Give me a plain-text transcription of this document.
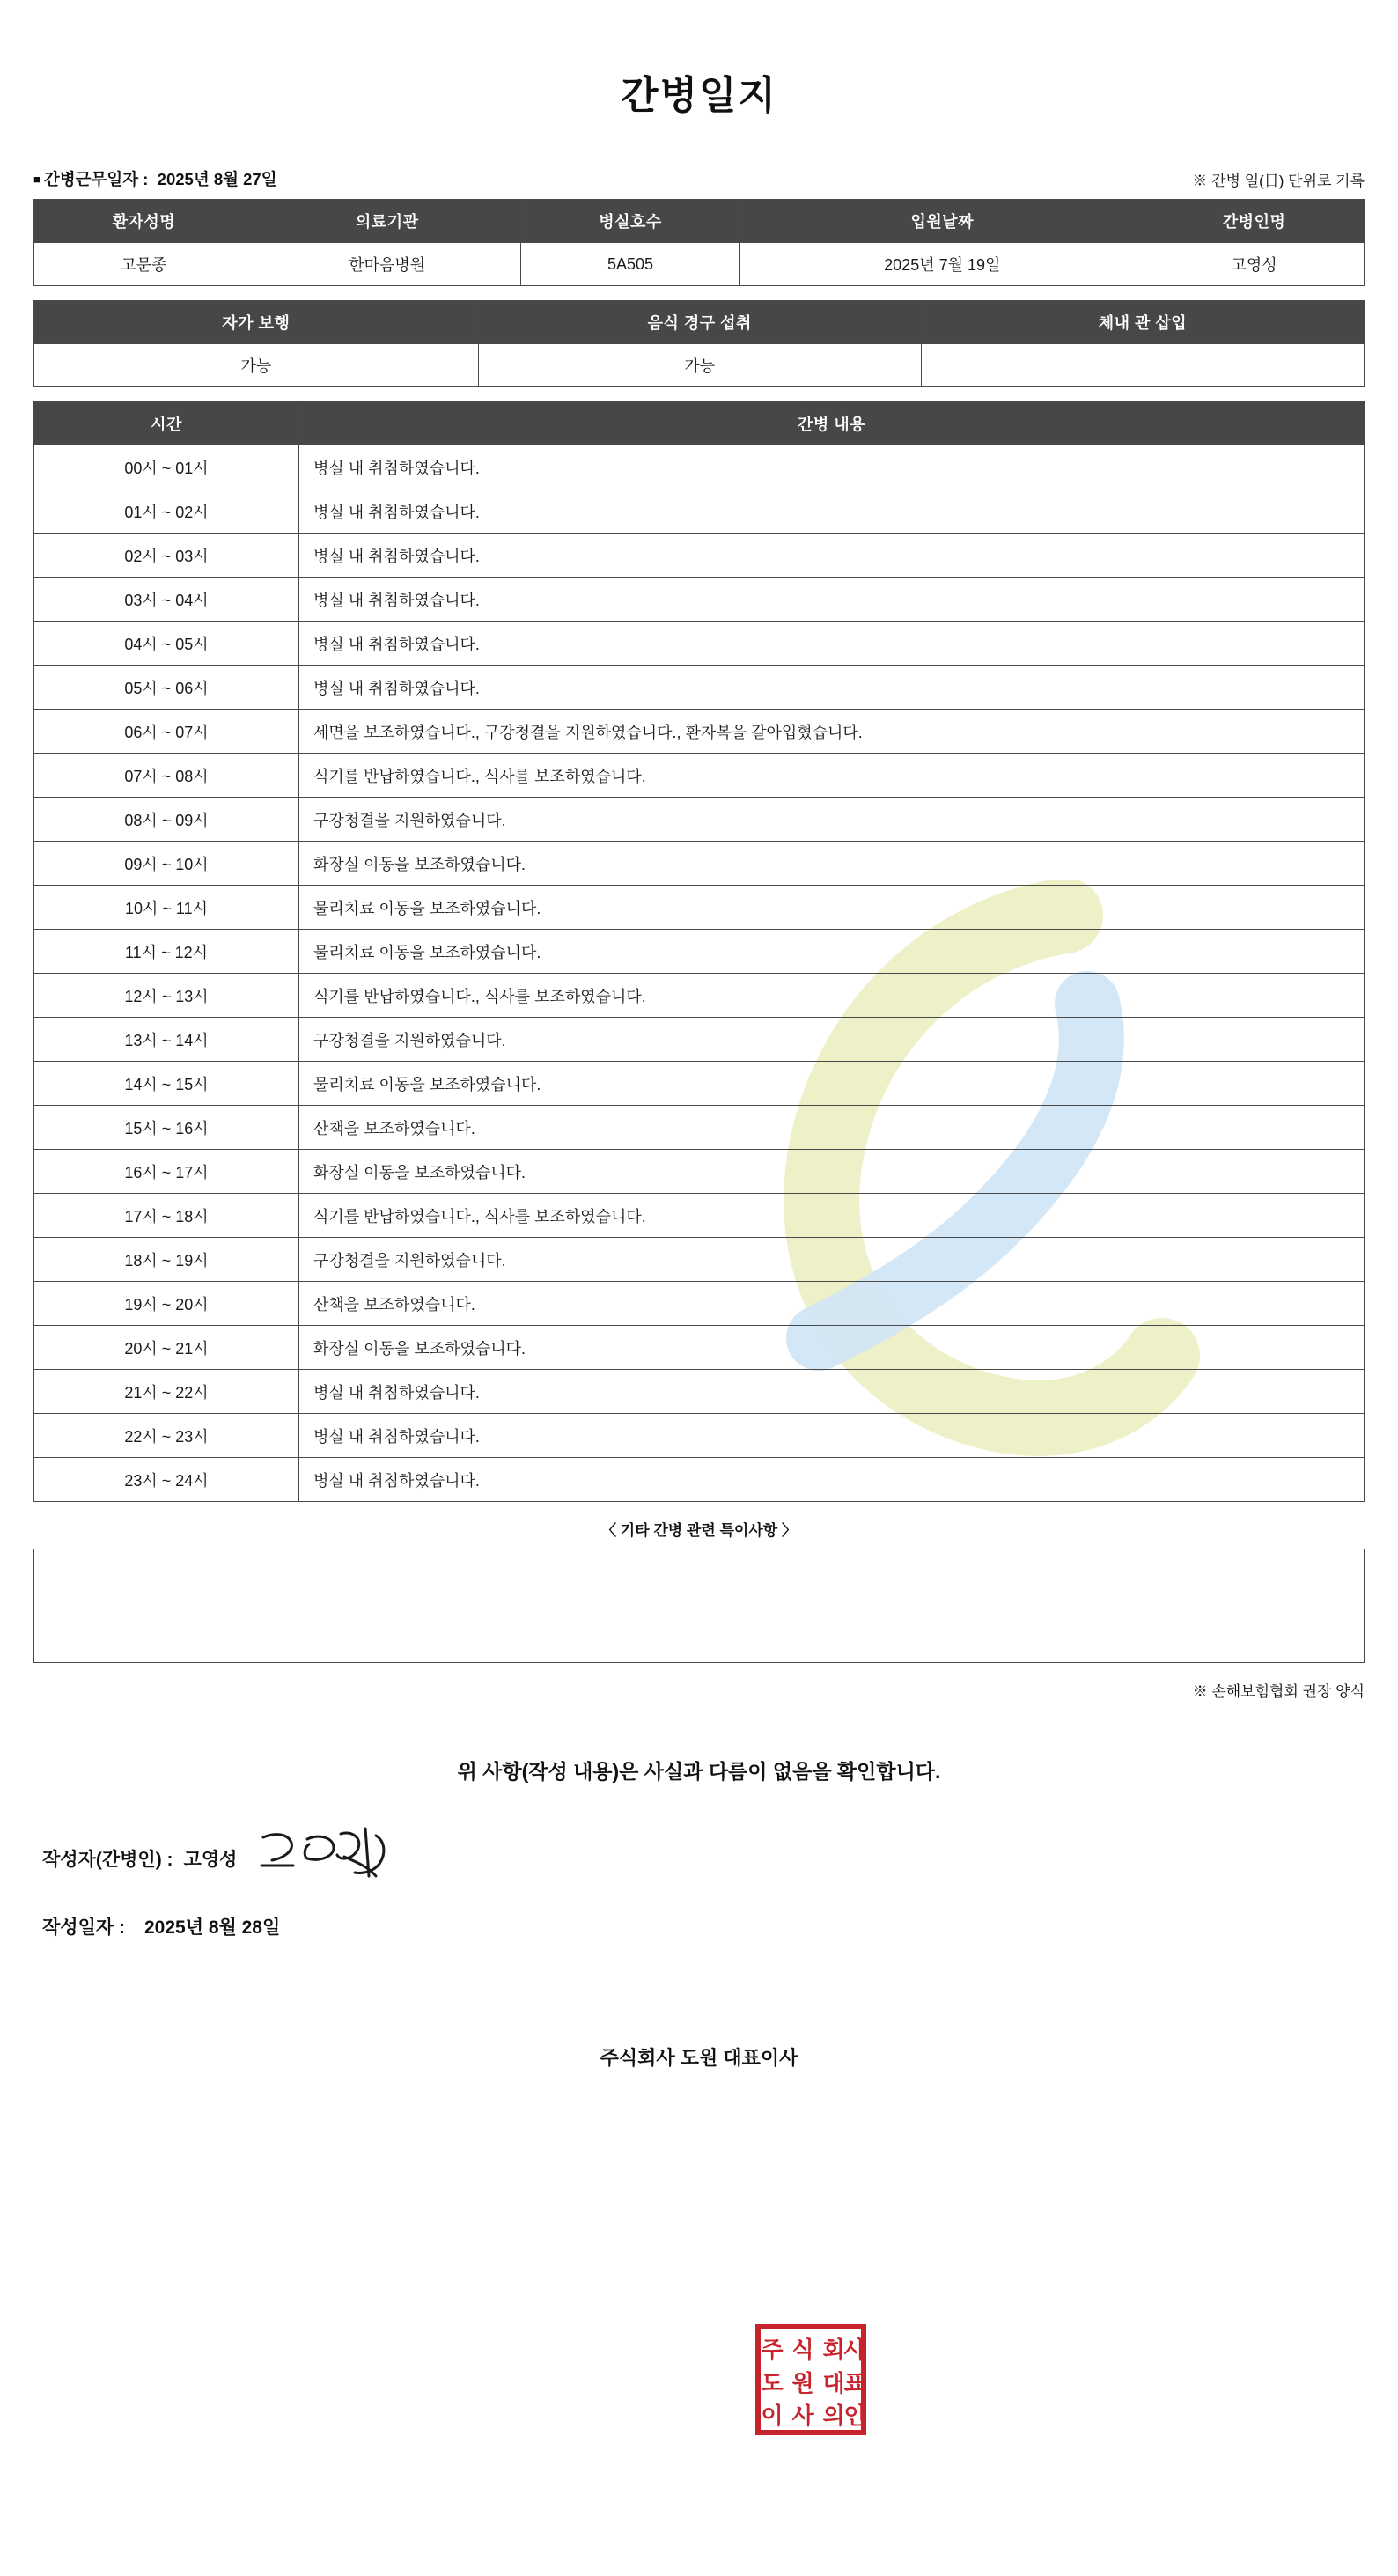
간병일지
■ 간병근무일자 : 2025년 8월 27일	※ 간병 일(日) 단위로 기록
환자성명	의료기관	병실호수	입원날짜	간병인명
고문종	한마음병원	5A505	2025년 7월 19일	고영성
자가 보행	음식 경구 섭취	체내 관 삽입
가능	가능	
시간	간병 내용
00시 ~ 01시	병실 내 취침하였습니다.
01시 ~ 02시	병실 내 취침하였습니다.
02시 ~ 03시	병실 내 취침하였습니다.
03시 ~ 04시	병실 내 취침하였습니다.
04시 ~ 05시	병실 내 취침하였습니다.
05시 ~ 06시	병실 내 취침하였습니다.
06시 ~ 07시	세면을 보조하였습니다., 구강청결을 지원하였습니다., 환자복을 갈아입혔습니다.
07시 ~ 08시	식기를 반납하였습니다., 식사를 보조하였습니다.
08시 ~ 09시	구강청결을 지원하였습니다.
09시 ~ 10시	화장실 이동을 보조하였습니다.
10시 ~ 11시	물리치료 이동을 보조하였습니다.
11시 ~ 12시	물리치료 이동을 보조하였습니다.
12시 ~ 13시	식기를 반납하였습니다., 식사를 보조하였습니다.
13시 ~ 14시	구강청결을 지원하였습니다.
14시 ~ 15시	물리치료 이동을 보조하였습니다.
15시 ~ 16시	산책을 보조하였습니다.
16시 ~ 17시	화장실 이동을 보조하였습니다.
17시 ~ 18시	식기를 반납하였습니다., 식사를 보조하였습니다.
18시 ~ 19시	구강청결을 지원하였습니다.
19시 ~ 20시	산책을 보조하였습니다.
20시 ~ 21시	화장실 이동을 보조하였습니다.
21시 ~ 22시	병실 내 취침하였습니다.
22시 ~ 23시	병실 내 취침하였습니다.
23시 ~ 24시	병실 내 취침하였습니다.
〈 기타 간병 관련 특이사항 〉
※ 손해보험협회 권장 양식
위 사항(작성 내용)은 사실과 다름이 없음을 확인합니다.
작성자(간병인) : 고영성
작성일자 : 2025년 8월 28일
주식회사 도원 대표이사
주 식 회
사
도 원 대
표
이 사 의
인
